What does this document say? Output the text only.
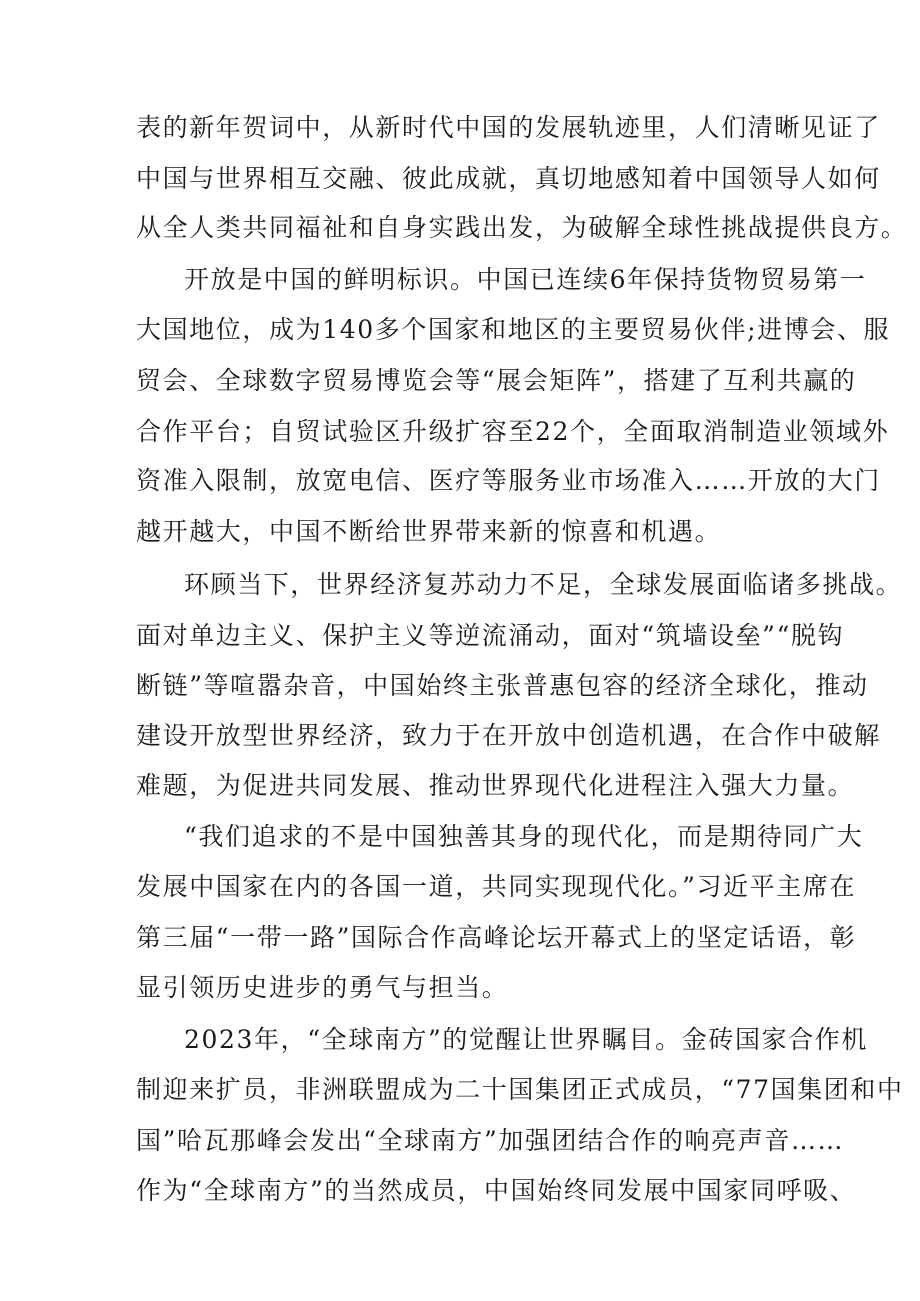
表的新年贺词中，从新时代中国的发展轨迹里，人们清晰见证了
中国与世界相互交融、彼此成就，真切地感知着中国领导人如何
从全人类共同福祉和自身实践出发，为破解全球性挑战提供良方。
开放是中国的鲜明标识。中国已连续6年保持货物贸易第一
大国地位，成为140多个国家和地区的主要贸易伙伴;进博会、服
贸会、全球数字贸易博览会等“展会矩阵”，搭建了互利共赢的
合作平台；自贸试验区升级扩容至22个，全面取消制造业领域外
资准入限制，放宽电信、医疗等服务业市场准入……开放的大门
越开越大，中国不断给世界带来新的惊喜和机遇。
环顾当下，世界经济复苏动力不足，全球发展面临诸多挑战。
面对单边主义、保护主义等逆流涌动，面对“筑墙设垒”“脱钩
断链”等喧嚣杂音，中国始终主张普惠包容的经济全球化，推动
建设开放型世界经济，致力于在开放中创造机遇，在合作中破解
难题，为促进共同发展、推动世界现代化进程注入强大力量。
“我们追求的不是中国独善其身的现代化，而是期待同广大
发展中国家在内的各国一道，共同实现现代化。”习近平主席在
第三届“一带一路”国际合作高峰论坛开幕式上的坚定话语，彰
显引领历史进步的勇气与担当。
2023年，“全球南方”的觉醒让世界瞩目。金砖国家合作机
制迎来扩员，非洲联盟成为二十国集团正式成员，“77国集团和中
国”哈瓦那峰会发出“全球南方”加强团结合作的响亮声音……
作为“全球南方”的当然成员，中国始终同发展中国家同呼吸、
